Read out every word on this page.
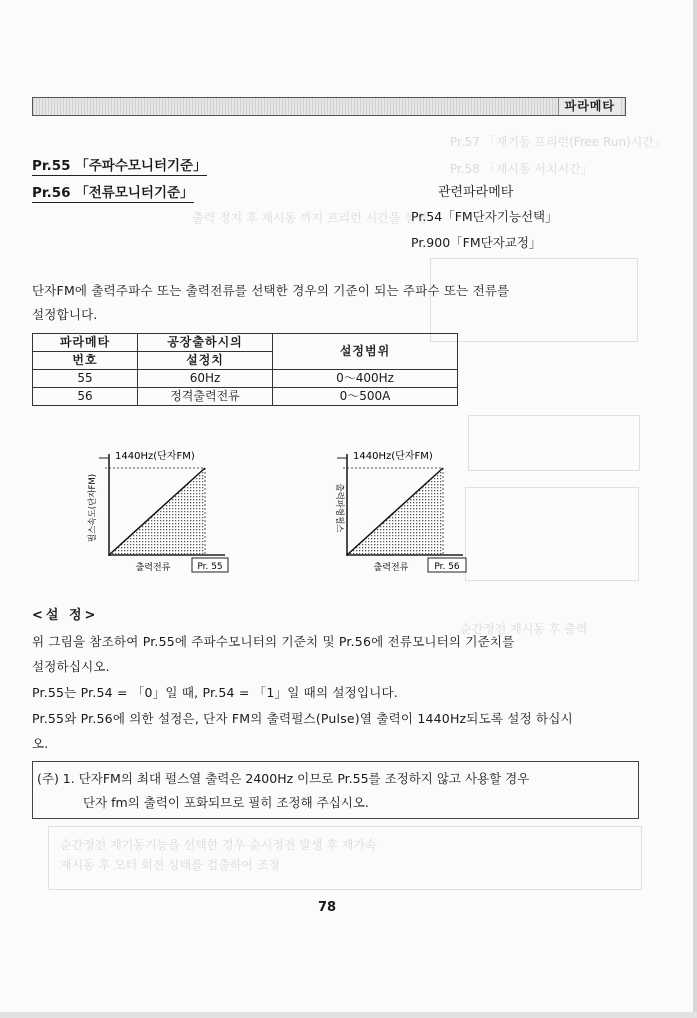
Pr.57 「재기동 프리런(Free Run)시간」
Pr.58 「재시동 서치시간」
출력 정지 후 재시동 까지 프리런 시간을 설정
순간정전 재시동 후 출력
순간정전 재기동기능을 선택한 경우 순시정전 발생 후 재가속
재시동 후 모터 회전 상태를 검출하여 조정
파라메타
Pr.55 「주파수모니터기준」
Pr.56 「전류모니터기준」	관련파라메타
Pr.54「FM단자기능선택」
Pr.900「FM단자교정」
단자FM에 출력주파수 또는 출력전류를 선택한 경우의 기준이 되는 주파수 또는 전류를
설정합니다.
파라메타	공장출하시의	설정범위
번호	설정치	
55	60Hz	0～400Hz
56	정격출력전류	0～500A
1440Hz(단자FM)
펄스속도(단자FM)
출력전류	Pr. 55
1440Hz(단자FM)
출력파형펄스
출력전류	Pr. 56
<설 정>
위 그림을 참조하여 Pr.55에 주파수모니터의 기준치 및 Pr.56에 전류모니터의 기준치를
설정하십시오.
Pr.55는 Pr.54 = 「0」일 때, Pr.54 = 「1」일 때의 설정입니다.
Pr.55와 Pr.56에 의한 설정은, 단자 FM의 출력펄스(Pulse)열 출력이 1440Hz되도록 설정 하십시
오.
(주) 1. 단자FM의 최대 펄스열 출력은 2400Hz 이므로 Pr.55를 조정하지 않고 사용할 경우
단자 fm의 출력이 포화되므로 필히 조정해 주십시오.
78
